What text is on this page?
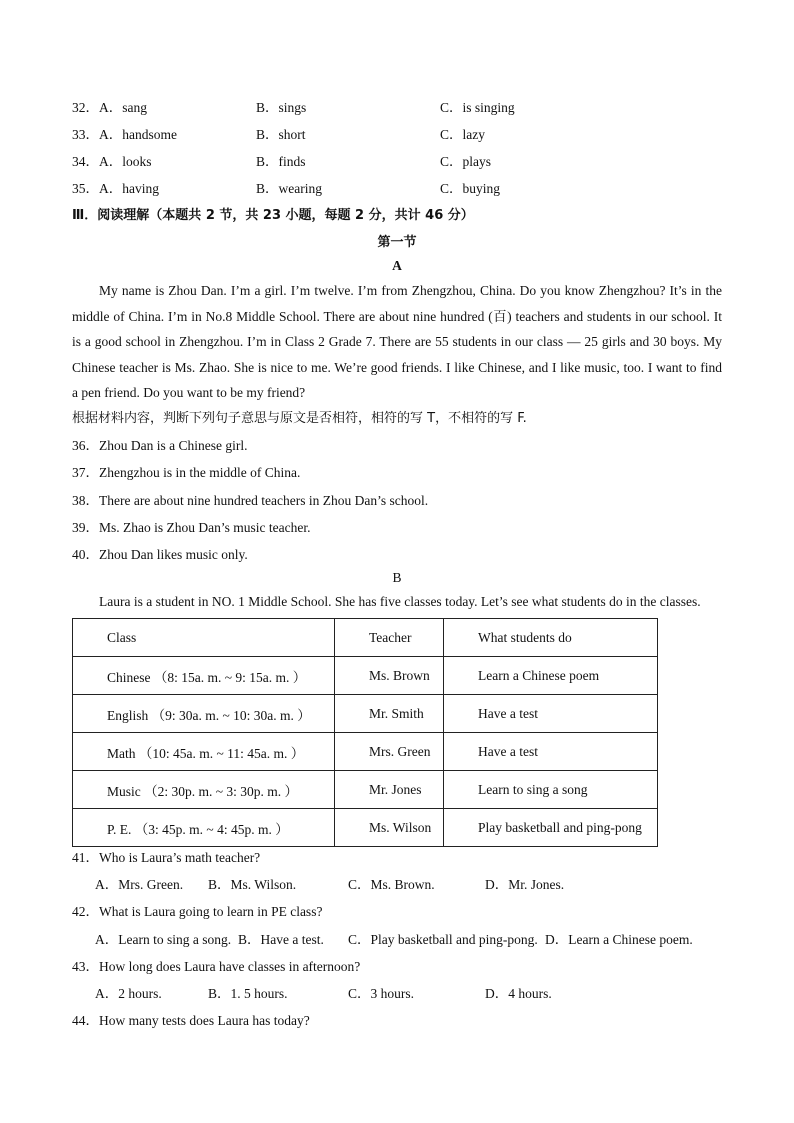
32．A．sang	B．sings	C．is singing
33．A．handsome	B．short	C．lazy
34．A．looks	B．finds	C．plays
35．A．having	B．wearing	C．buying
Ⅲ．阅读理解（本题共 2 节，共 23 小题，每题 2 分，共计 46 分）
第一节
A
My name is Zhou Dan. I’m a girl. I’m twelve. I’m from Zhengzhou, China. Do you know Zhengzhou? It’s in the middle of China. I’m in No.8 Middle School. There are about nine hundred (百) teachers and students in our school. It is a good school in Zhengzhou. I’m in Class 2 Grade 7. There are 55 students in our class — 25 girls and 30 boys. My Chinese teacher is Ms. Zhao. She is nice to me. We’re good friends. I like Chinese, and I like music, too. I want to find a pen friend. Do you want to be my friend?
根据材料内容，判断下列句子意思与原文是否相符，相符的写 T，不相符的写 F.
36．Zhou Dan is a Chinese girl.
37．Zhengzhou is in the middle of China.
38．There are about nine hundred teachers in Zhou Dan’s school.
39．Ms. Zhao is Zhou Dan’s music teacher.
40．Zhou Dan likes music only.
B
Laura is a student in NO. 1 Middle School. She has five classes today. Let’s see what students do in the classes.
Class	Teacher	What students do
Chinese （8: 15a. m. ~ 9: 15a. m. ）	Ms. Brown	Learn a Chinese poem
English （9: 30a. m. ~ 10: 30a. m. ）	Mr. Smith	Have a test
Math （10: 45a. m. ~ 11: 45a. m. ）	Mrs. Green	Have a test
Music （2: 30p. m. ~ 3: 30p. m. ）	Mr. Jones	Learn to sing a song
P. E. （3: 45p. m. ~ 4: 45p. m. ）	Ms. Wilson	Play basketball and ping-pong
41．Who is Laura’s math teacher?
A．Mrs. Green. B．Ms. Wilson.	C．Ms. Brown.	D．Mr. Jones.
42．What is Laura going to learn in PE class?
A．Learn to sing a song. B．Have a test. C．Play basketball and ping-pong. D．Learn a Chinese poem.
43．How long does Laura have classes in afternoon?
A．2 hours.	B．1. 5 hours.	C．3 hours.	D．4 hours.
44．How many tests does Laura has today?
